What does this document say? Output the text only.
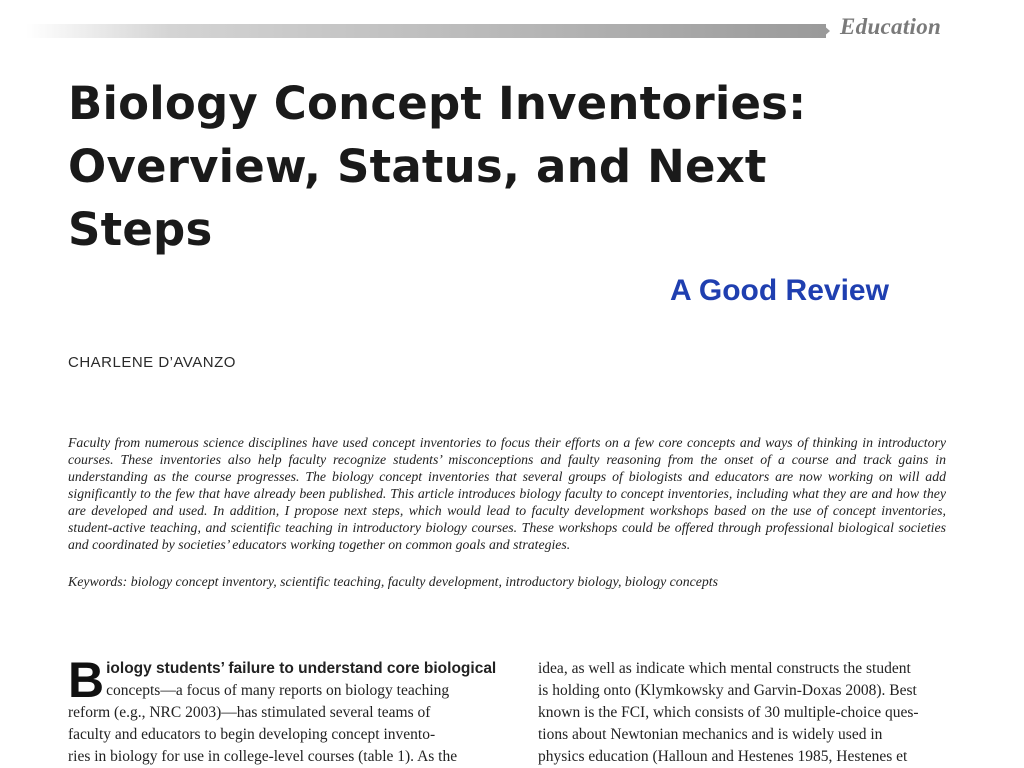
Education
Biology Concept Inventories: Overview, Status, and Next Steps
A Good Review
CHARLENE D’AVANZO

Faculty from numerous science disciplines have used concept inventories to focus their efforts on a few core concepts and ways of thinking in introductory courses. These inventories also help faculty recognize students’ misconceptions and faulty reasoning from the onset of a course and track gains in understanding as the course progresses. The biology concept inventories that several groups of biologists and educators are now working on will add significantly to the few that have already been published. This article introduces biology faculty to concept inventories, including what they are and how they are developed and used. In addition, I propose next steps, which would lead to faculty development workshops based on the use of concept inventories, student-active teaching, and scientific teaching in introductory biology courses. These workshops could be offered through professional biological societies and coordinated by societies’ educators working together on common goals and strategies.

Keywords: biology concept inventory, scientific teaching, faculty development, introductory biology, biology concepts

B iology students’ failure to understand core biological
concepts—a focus of many reports on biology teaching
reform (e.g., NRC 2003)—has stimulated several teams of
faculty and educators to begin developing concept invento-
ries in biology for use in college-level courses (table 1). As the
idea, as well as indicate which mental constructs the student
is holding onto (Klymkowsky and Garvin-Doxas 2008). Best
known is the FCI, which consists of 30 multiple-choice ques-
tions about Newtonian mechanics and is widely used in
physics education (Halloun and Hestenes 1985, Hestenes et
